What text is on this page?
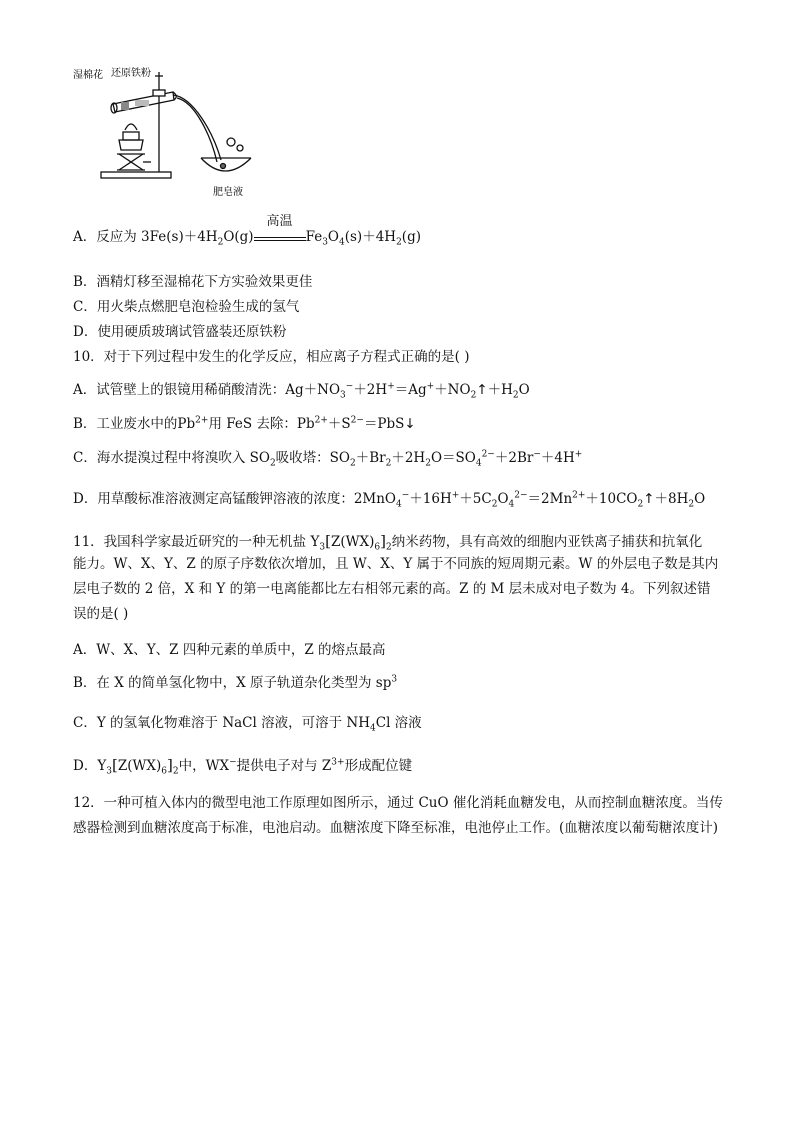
湿棉花 还原铁粉
肥皂液
A．反应为 $3Fe(s)+4H_2O(g)$
高温
$Fe_3O_4(s)+4H_2(g)$
B．酒精灯移至湿棉花下方实验效果更佳
C．用火柴点燃肥皂泡检验生成的氢气
D．使用硬质玻璃试管盛装还原铁粉
10．对于下列过程中发生的化学反应，相应离子方程式正确的是( )
A．试管壁上的银镜用稀硝酸清洗：$Ag+NO_3^-+2H^+=Ag^++NO_2↑+H_2O$
B．工业废水中的$Pb^{2+}$用 FeS 去除：$Pb^{2+}+S^{2-}=PbS↓$
C．海水提溴过程中将溴吹入 $SO_2$吸收塔：$SO_2+Br_2+2H_2O=SO_4^{2-}+2Br^-+4H^+$
D．用草酸标准溶液测定高锰酸钾溶液的浓度：$2MnO_4^-+16H^++5C_2O_4^{2-}=2Mn^{2+}+10CO_2↑+8H_2O$
11．我国科学家最近研究的一种无机盐 $Y_3[Z(WX)_6]_2$纳米药物，具有高效的细胞内亚铁离子捕获和抗氧化
能力。W、X、Y、Z 的原子序数依次增加，且 W、X、Y 属于不同族的短周期元素。W 的外层电子数是其内层电子数的 2 倍，X 和 Y 的第一电离能都比左右相邻元素的高。Z 的 M 层未成对电子数为 4。下列叙述错误的是( )
A．W、X、Y、Z 四种元素的单质中，Z 的熔点最高
B．在 X 的简单氢化物中，X 原子轨道杂化类型为 $sp^3$
C．Y 的氢氧化物难溶于 NaCl 溶液，可溶于 $NH_4Cl$ 溶液
D．$Y_3[Z(WX)_6]_2$中，WX−提供电子对与 $Z^{3+}$形成配位键
12．一种可植入体内的微型电池工作原理如图所示，通过 CuO 催化消耗血糖发电，从而控制血糖浓度。当传感器检测到血糖浓度高于标准，电池启动。血糖浓度下降至标准，电池停止工作。(血糖浓度以葡萄糖浓度计)
